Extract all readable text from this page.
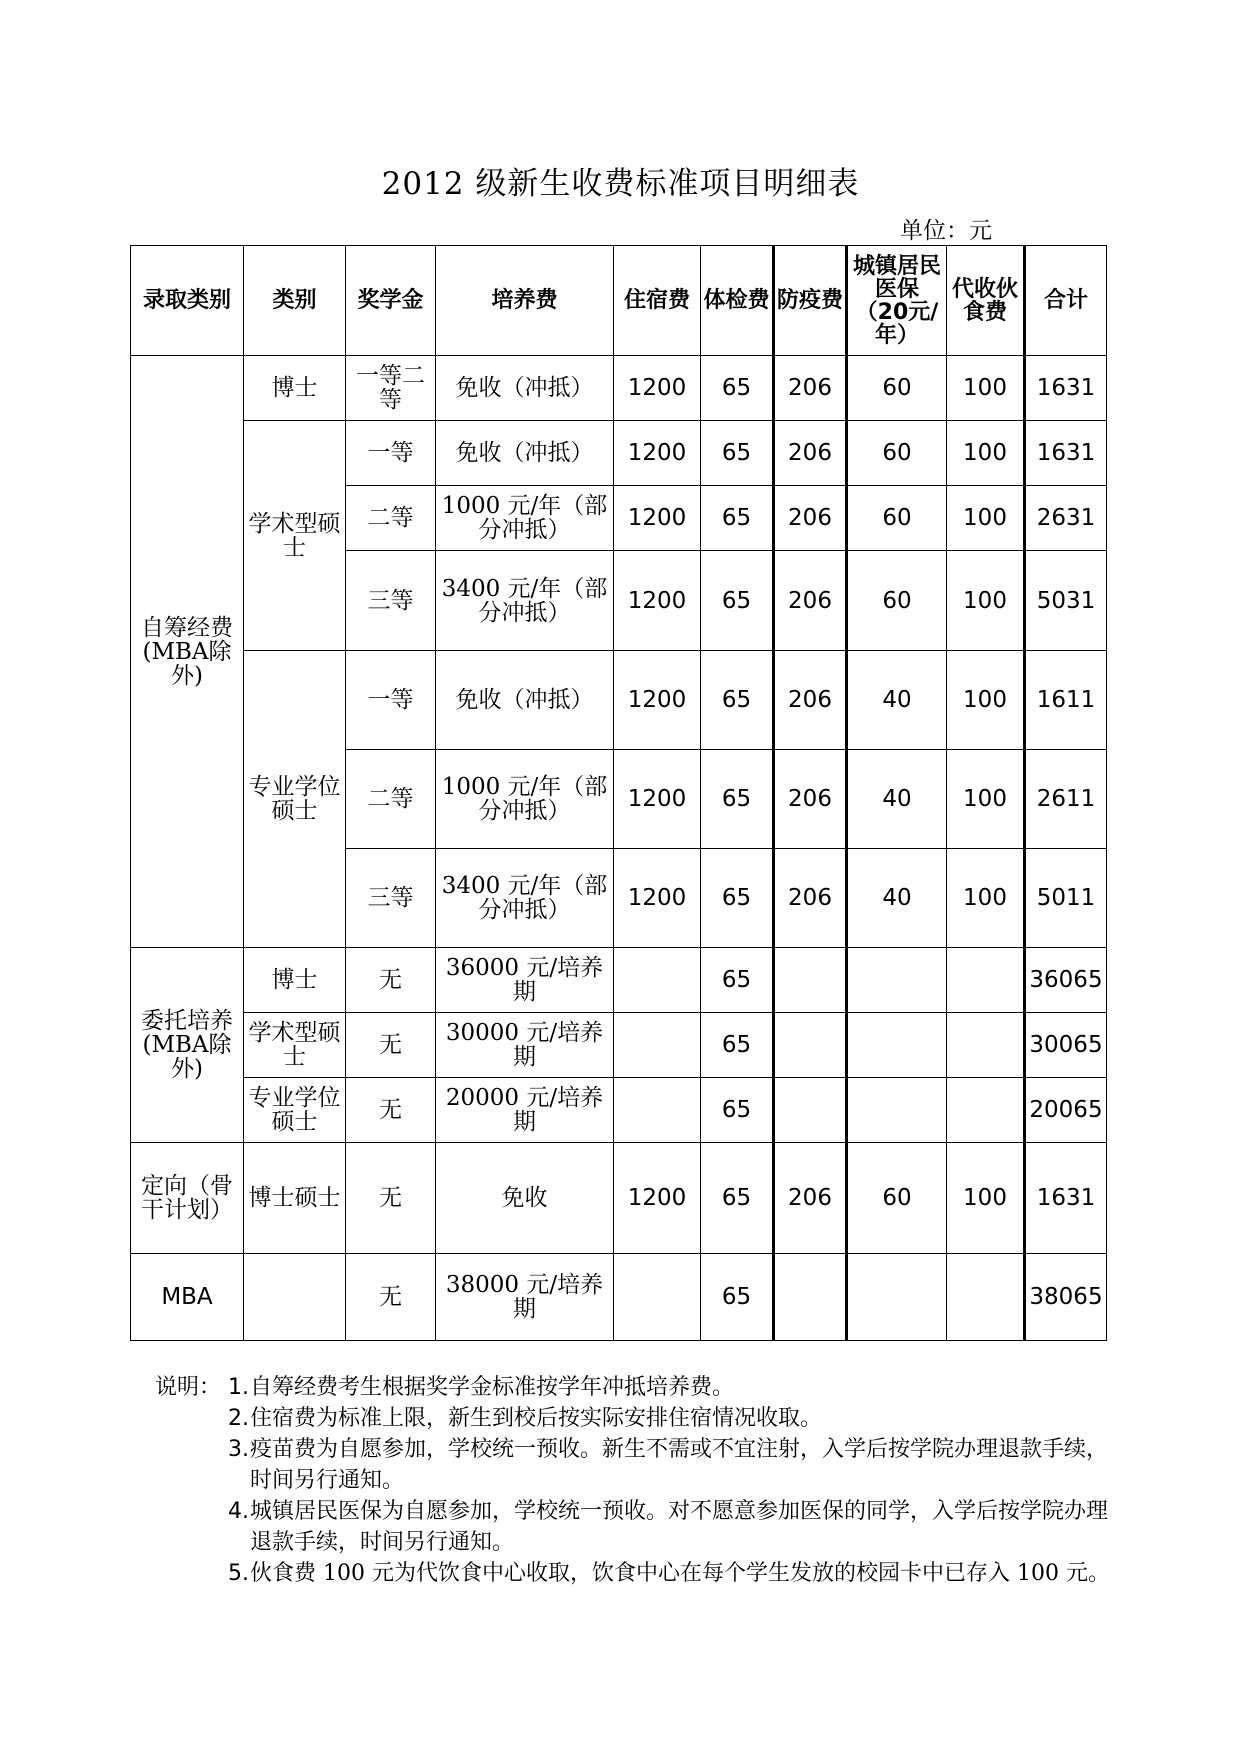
2012 级新生收费标准项目明细表
单位：元
录取类别	类别	奖学金	培养费	住宿费	体检费	防疫费	城镇居民医保（20元/年）	代收伙食费	合计
自筹经费(MBA除外)	博士	一等二等	免收（冲抵）	1200	65	206	60	100	1631
	学术型硕士	一等	免收（冲抵）	1200	65	206	60	100	1631
		二等	1000 元/年（部分冲抵）	1200	65	206	60	100	2631
		三等	3400 元/年（部分冲抵）	1200	65	206	60	100	5031
	专业学位硕士	一等	免收（冲抵）	1200	65	206	40	100	1611
		二等	1000 元/年（部分冲抵）	1200	65	206	40	100	2611
		三等	3400 元/年（部分冲抵）	1200	65	206	40	100	5011
委托培养(MBA除外)	博士	无	36000 元/培养期		65				36065
	学术型硕士	无	30000 元/培养期		65				30065
	专业学位硕士	无	20000 元/培养期		65				20065
定向（骨干计划）	博士硕士	无	免收	1200	65	206	60	100	1631
MBA		无	38000 元/培养期		65				38065
说明： 1. 自筹经费考生根据奖学金标准按学年冲抵培养费。
2. 住宿费为标准上限，新生到校后按实际安排住宿情况收取。
3. 疫苗费为自愿参加，学校统一预收。新生不需或不宜注射，入学后按学院办理退款手续，时间另行通知。
4. 城镇居民医保为自愿参加，学校统一预收。对不愿意参加医保的同学，入学后按学院办理退款手续，时间另行通知。
5. 伙食费 100 元为代饮食中心收取，饮食中心在每个学生发放的校园卡中已存入 100 元。
